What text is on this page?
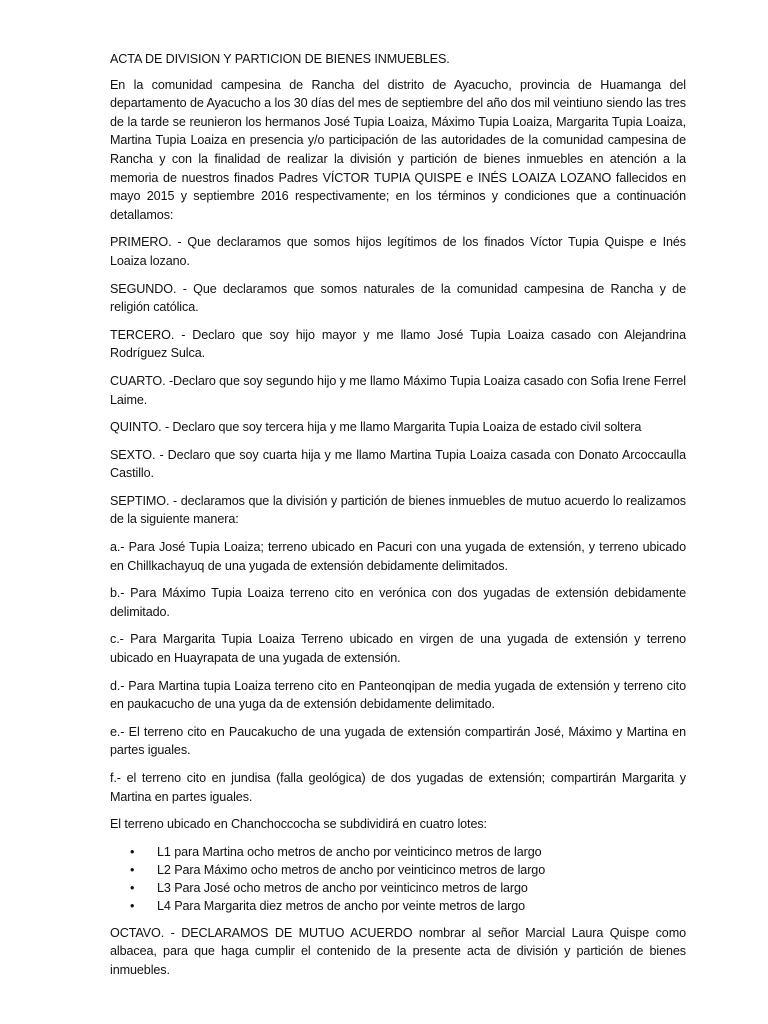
ACTA DE DIVISION Y PARTICION DE BIENES INMUEBLES.

En la comunidad campesina de Rancha del distrito de Ayacucho, provincia de Huamanga del departamento de Ayacucho a los 30 días del mes de septiembre del año dos mil veintiuno siendo las tres de la tarde se reunieron los hermanos José Tupia Loaiza, Máximo Tupia Loaiza, Margarita Tupia Loaiza, Martina Tupia Loaiza en presencia y/o participación de las autoridades de la comunidad campesina de Rancha y con la finalidad de realizar la división y partición de bienes inmuebles en atención a la memoria de nuestros finados Padres VÍCTOR TUPIA QUISPE e INÉS LOAIZA LOZANO fallecidos en mayo 2015 y septiembre 2016 respectivamente; en los términos y condiciones que a continuación detallamos:

PRIMERO. - Que declaramos que somos hijos legítimos de los finados Víctor Tupia Quispe e Inés Loaiza lozano.

SEGUNDO. - Que declaramos que somos naturales de la comunidad campesina de Rancha y de religión católica.

TERCERO. - Declaro que soy hijo mayor y me llamo José Tupia Loaiza casado con Alejandrina Rodríguez Sulca.

CUARTO. -Declaro que soy segundo hijo y me llamo Máximo Tupia Loaiza casado con Sofia Irene Ferrel Laime.

QUINTO. - Declaro que soy tercera hija y me llamo Margarita Tupia Loaiza de estado civil soltera

SEXTO. - Declaro que soy cuarta hija y me llamo Martina Tupia Loaiza casada con Donato Arcoccaulla Castillo.

SEPTIMO. - declaramos que la división y partición de bienes inmuebles de mutuo acuerdo lo realizamos de la siguiente manera:

a.- Para José Tupia Loaiza; terreno ubicado en Pacuri con una yugada de extensión, y terreno ubicado en Chillkachayuq de una yugada de extensión debidamente delimitados.

b.- Para Máximo Tupia Loaiza terreno cito en verónica con dos yugadas de extensión debidamente delimitado.

c.- Para Margarita Tupia Loaiza Terreno ubicado en virgen de una yugada de extensión y terreno ubicado en Huayrapata de una yugada de extensión.

d.- Para Martina tupia Loaiza terreno cito en Panteonqipan de media yugada de extensión y terreno cito en paukacucho de una yuga da de extensión debidamente delimitado.

e.- El terreno cito en Paucakucho de una yugada de extensión compartirán José, Máximo y Martina en partes iguales.

f.- el terreno cito en jundisa (falla geológica) de dos yugadas de extensión; compartirán Margarita y Martina en partes iguales.

El terreno ubicado en Chanchoccocha se subdividirá en cuatro lotes:

• L1 para Martina ocho metros de ancho por veinticinco metros de largo
• L2 Para Máximo ocho metros de ancho por veinticinco metros de largo
• L3 Para José ocho metros de ancho por veinticinco metros de largo
• L4 Para Margarita diez metros de ancho por veinte metros de largo

OCTAVO. - DECLARAMOS DE MUTUO ACUERDO nombrar al señor Marcial Laura Quispe como albacea, para que haga cumplir el contenido de la presente acta de división y partición de bienes inmuebles.
